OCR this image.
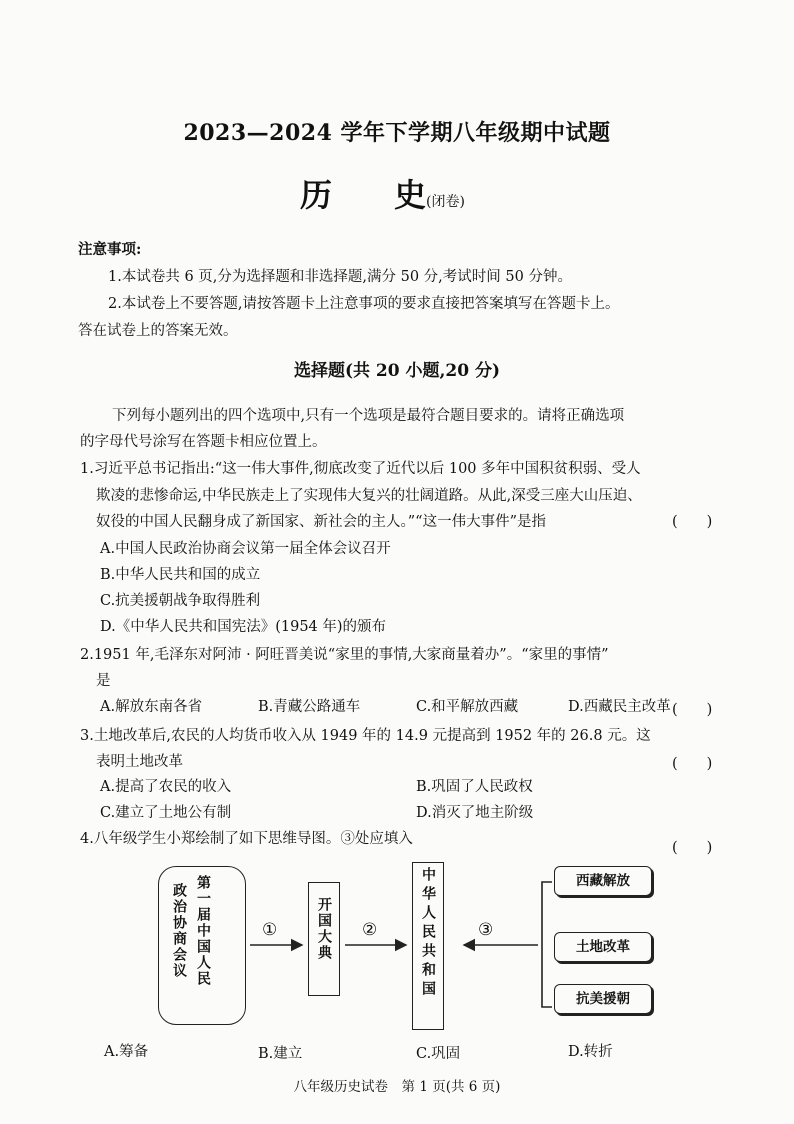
2023—2024 学年下学期八年级期中试题
历 史(闭卷)
注意事项:
1.本试卷共 6 页,分为选择题和非选择题,满分 50 分,考试时间 50 分钟。
2.本试卷上不要答题,请按答题卡上注意事项的要求直接把答案填写在答题卡上。
答在试卷上的答案无效。
选择题(共 20 小题,20 分)
下列每小题列出的四个选项中,只有一个选项是最符合题目要求的。请将正确选项
的字母代号涂写在答题卡相应位置上。
1.习近平总书记指出:“这一伟大事件,彻底改变了近代以后 100 多年中国积贫积弱、受人
欺凌的悲惨命运,中华民族走上了实现伟大复兴的壮阔道路。从此,深受三座大山压迫、
奴役的中国人民翻身成了新国家、新社会的主人。”“这一伟大事件”是指	(　　)
A.中国人民政治协商会议第一届全体会议召开
B.中华人民共和国的成立
C.抗美援朝战争取得胜利
D.《中华人民共和国宪法》(1954 年)的颁布
2.1951 年,毛泽东对阿沛 · 阿旺晋美说“家里的事情,大家商量着办”。“家里的事情”
是
(　　)
A.解放东南各省	B.青藏公路通车	C.和平解放西藏	D.西藏民主改革
3.土地改革后,农民的人均货币收入从 1949 年的 14.9 元提高到 1952 年的 26.8 元。这
表明土地改革	(　　)
A.提高了农民的收入	B.巩固了人民政权
C.建立了土地公有制	D.消灭了地主阶级
4.八年级学生小郑绘制了如下思维导图。③处应填入
(　　)
第一届中国人民
政治协商会议	①	开国大典 ②	中华人民共和国 ③
西藏解放
土地改革
抗美援朝
A.筹备	B.建立	C.巩固	D.转折
八年级历史试卷　第 1 页(共 6 页)
